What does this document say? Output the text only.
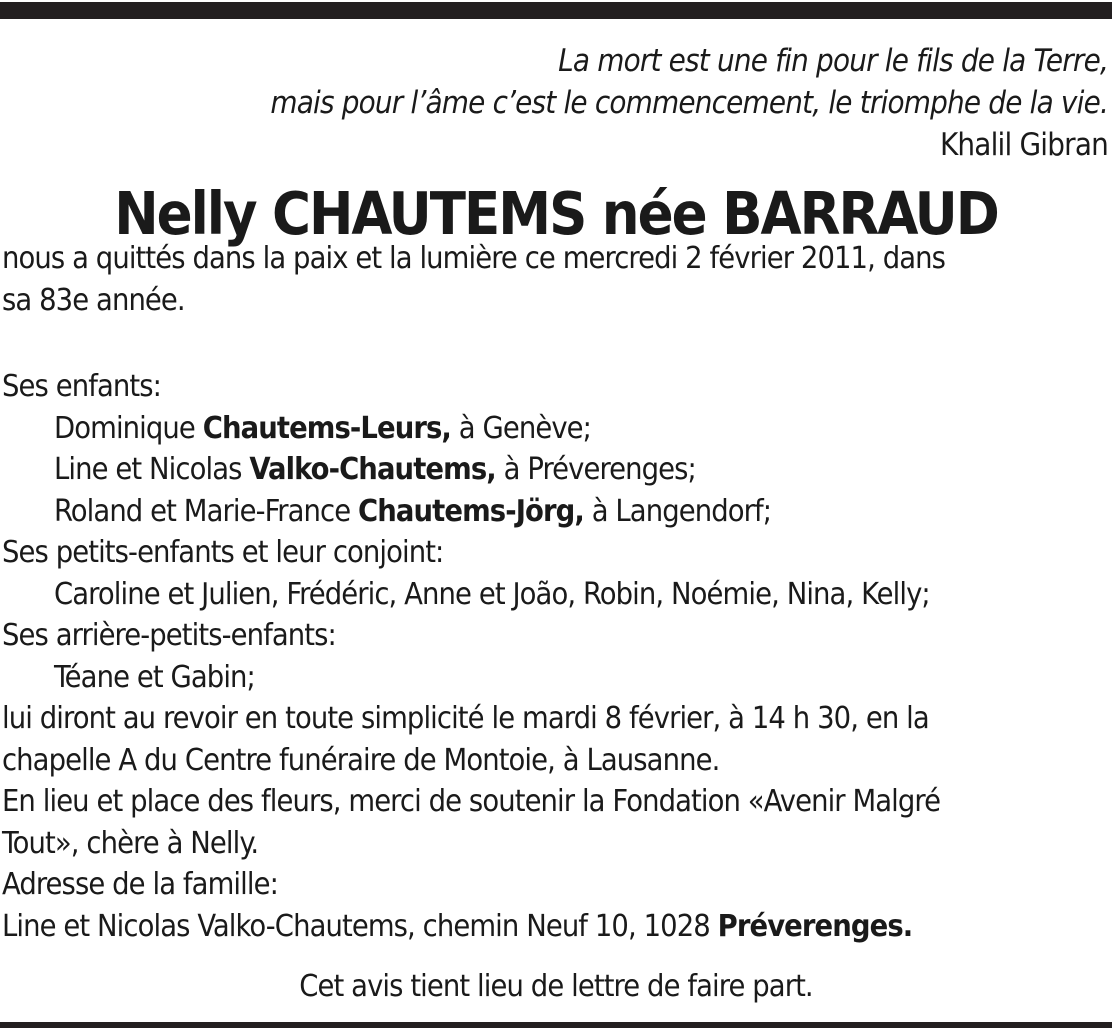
La mort est une fin pour le fils de la Terre,
mais pour l’âme c’est le commencement, le triomphe de la vie.
Khalil Gibran
Nelly CHAUTEMS née BARRAUD
nous a quittés dans la paix et la lumière ce mercredi 2 février 2011, dans
sa 83e année.
Ses enfants:
Dominique Chautems-Leurs, à Genève;
Line et Nicolas Valko-Chautems, à Préverenges;
Roland et Marie-France Chautems-Jörg, à Langendorf;
Ses petits-enfants et leur conjoint:
Caroline et Julien, Frédéric, Anne et João, Robin, Noémie, Nina, Kelly;
Ses arrière-petits-enfants:
Téane et Gabin;
lui diront au revoir en toute simplicité le mardi 8 février, à 14 h 30, en la
chapelle A du Centre funéraire de Montoie, à Lausanne.
En lieu et place des fleurs, merci de soutenir la Fondation «Avenir Malgré
Tout», chère à Nelly.
Adresse de la famille:
Line et Nicolas Valko-Chautems, chemin Neuf 10, 1028 Préverenges.
Cet avis tient lieu de lettre de faire part.
